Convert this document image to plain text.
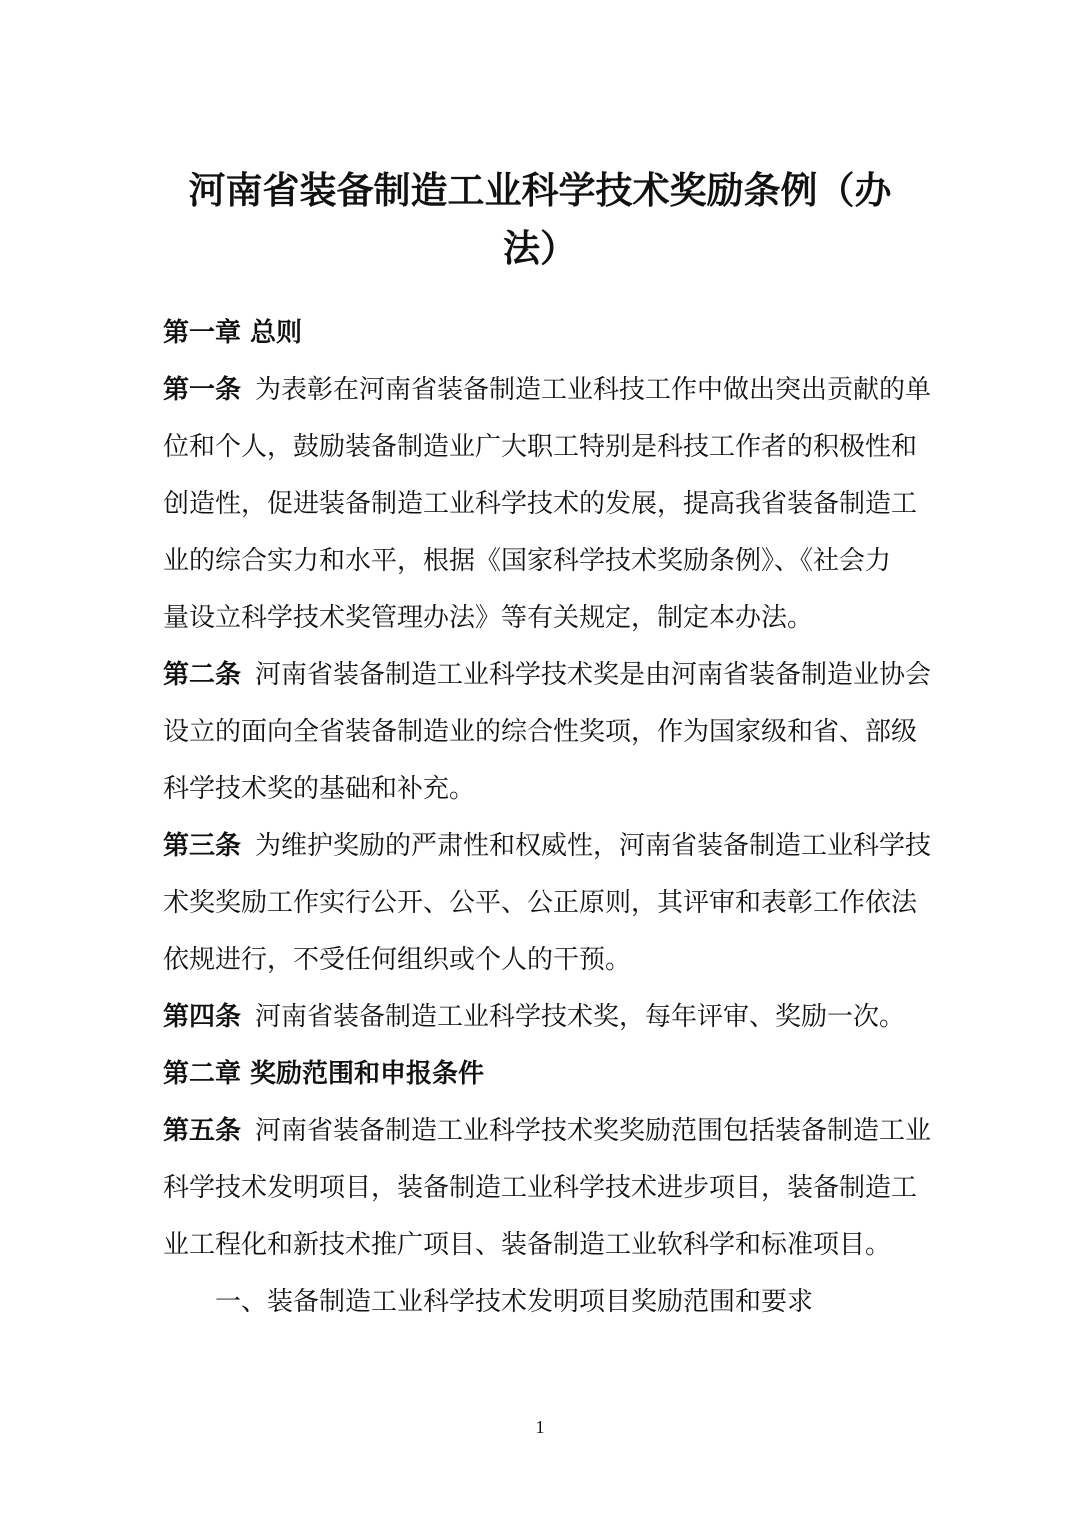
河南省装备制造工业科学技术奖励条例（办
法）

第一章 总则

第一条 为表彰在河南省装备制造工业科技工作中做出突出贡献的单

位和个人，鼓励装备制造业广大职工特别是科技工作者的积极性和

创造性，促进装备制造工业科学技术的发展，提高我省装备制造工

业的综合实力和水平，根据《国家科学技术奖励条例》、《社会力

量设立科学技术奖管理办法》等有关规定，制定本办法。

第二条 河南省装备制造工业科学技术奖是由河南省装备制造业协会

设立的面向全省装备制造业的综合性奖项，作为国家级和省、部级

科学技术奖的基础和补充。

第三条 为维护奖励的严肃性和权威性，河南省装备制造工业科学技

术奖奖励工作实行公开、公平、公正原则，其评审和表彰工作依法

依规进行，不受任何组织或个人的干预。

第四条 河南省装备制造工业科学技术奖，每年评审、奖励一次。

第二章 奖励范围和申报条件

第五条 河南省装备制造工业科学技术奖奖励范围包括装备制造工业

科学技术发明项目，装备制造工业科学技术进步项目，装备制造工

业工程化和新技术推广项目、装备制造工业软科学和标准项目。

一、装备制造工业科学技术发明项目奖励范围和要求

1
